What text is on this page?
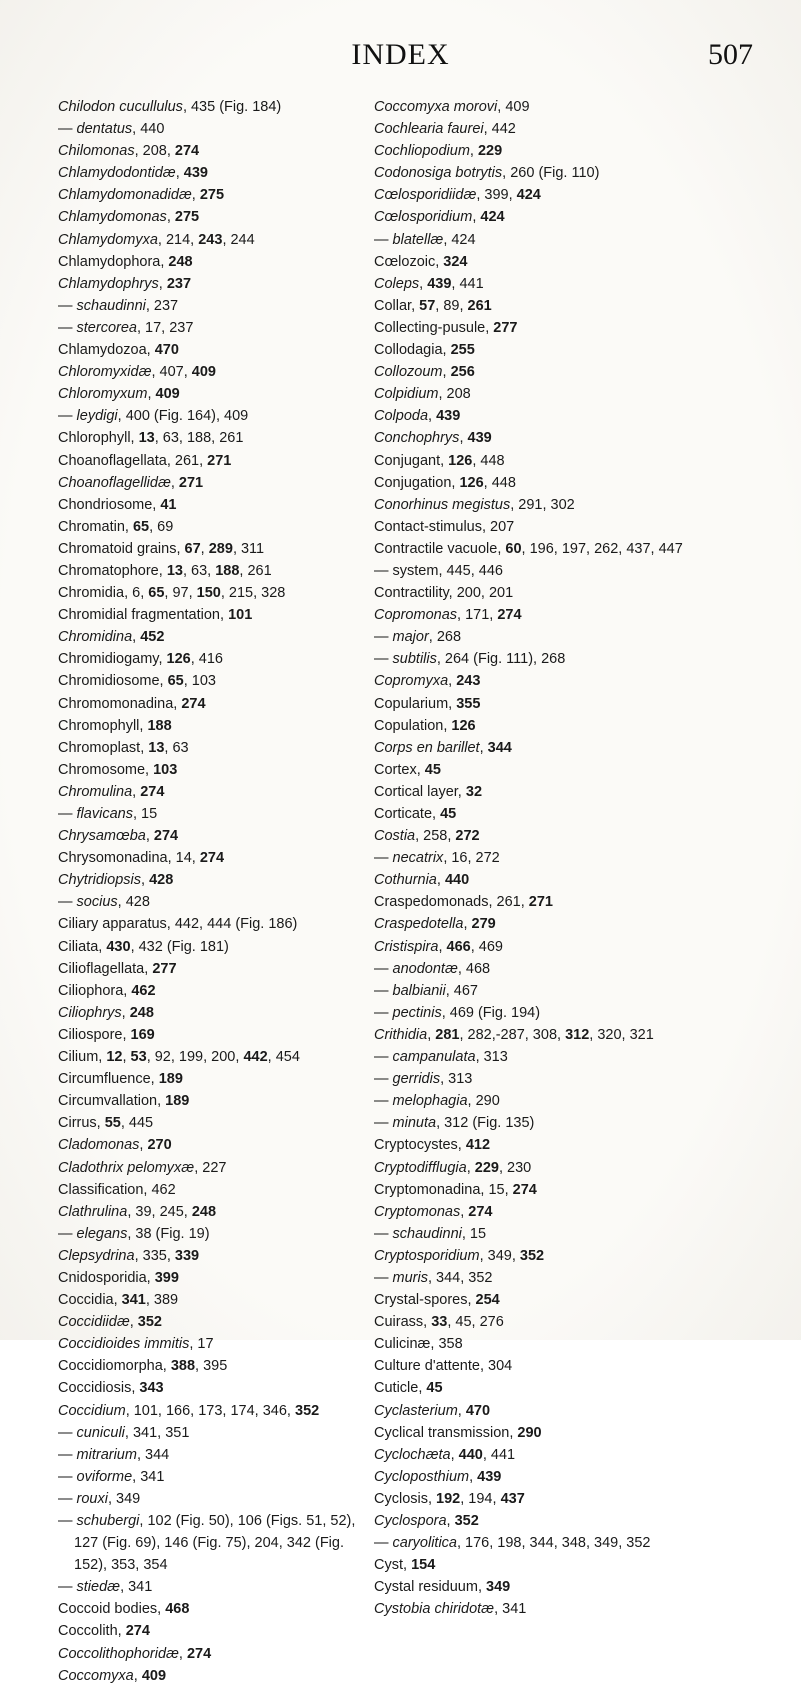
INDEX	507
Chilodon cucullulus, 435 (Fig. 184)
— dentatus, 440
Chilomonas, 208, 274
Chlamydodontidæ, 439
Chlamydomonadidæ, 275
Chlamydomonas, 275
Chlamydomyxa, 214, 243, 244
Chlamydophora, 248
Chlamydophrys, 237
— schaudinni, 237
— stercorea, 17, 237
Chlamydozoa, 470
Chloromyxidæ, 407, 409
Chloromyxum, 409
— leydigi, 400 (Fig. 164), 409
Chlorophyll, 13, 63, 188, 261
Choanoflagellata, 261, 271
Choanoflagellidæ, 271
Chondriosome, 41
Chromatin, 65, 69
Chromatoid grains, 67, 289, 311
Chromatophore, 13, 63, 188, 261
Chromidia, 6, 65, 97, 150, 215, 328
Chromidial fragmentation, 101
Chromidina, 452
Chromidiogamy, 126, 416
Chromidiosome, 65, 103
Chromomonadina, 274
Chromophyll, 188
Chromoplast, 13, 63
Chromosome, 103
Chromulina, 274
— flavicans, 15
Chrysamœba, 274
Chrysomonadina, 14, 274
Chytridiopsis, 428
— socius, 428
Ciliary apparatus, 442, 444 (Fig. 186)
Ciliata, 430, 432 (Fig. 181)
Cilioflagellata, 277
Ciliophora, 462
Ciliophrys, 248
Ciliospore, 169
Cilium, 12, 53, 92, 199, 200, 442, 454
Circumfluence, 189
Circumvallation, 189
Cirrus, 55, 445
Cladomonas, 270
Cladothrix pelomyxæ, 227
Classification, 462
Clathrulina, 39, 245, 248
— elegans, 38 (Fig. 19)
Clepsydrina, 335, 339
Cnidosporidia, 399
Coccidia, 341, 389
Coccidiidæ, 352
Coccidioides immitis, 17
Coccidiomorpha, 388, 395
Coccidiosis, 343
Coccidium, 101, 166, 173, 174, 346, 352
— cuniculi, 341, 351
— mitrarium, 344
— oviforme, 341
— rouxi, 349
— schubergi, 102 (Fig. 50), 106 (Figs. 51, 52), 127 (Fig. 69), 146 (Fig. 75), 204, 342 (Fig. 152), 353, 354
— stiedæ, 341
Coccoid bodies, 468
Coccolith, 274
Coccolithophoridæ, 274
Coccomyxa, 409
Coccomyxa morovi, 409
Cochlearia faurei, 442
Cochliopodium, 229
Codonosiga botrytis, 260 (Fig. 110)
Cœlosporidiidæ, 399, 424
Cœlosporidium, 424
— blatellæ, 424
Cœlozoic, 324
Coleps, 439, 441
Collar, 57, 89, 261
Collecting-pusule, 277
Collodagia, 255
Collozoum, 256
Colpidium, 208
Colpoda, 439
Conchophrys, 439
Conjugant, 126, 448
Conjugation, 126, 448
Conorhinus megistus, 291, 302
Contact-stimulus, 207
Contractile vacuole, 60, 196, 197, 262, 437, 447
— system, 445, 446
Contractility, 200, 201
Copromonas, 171, 274
— major, 268
— subtilis, 264 (Fig. 111), 268
Copromyxa, 243
Copularium, 355
Copulation, 126
Corps en barillet, 344
Cortex, 45
Cortical layer, 32
Corticate, 45
Costia, 258, 272
— necatrix, 16, 272
Cothurnia, 440
Craspedomonads, 261, 271
Craspedotella, 279
Cristispira, 466, 469
— anodontæ, 468
— balbianii, 467
— pectinis, 469 (Fig. 194)
Crithidia, 281, 282,-287, 308, 312, 320, 321
— campanulata, 313
— gerridis, 313
— melophagia, 290
— minuta, 312 (Fig. 135)
Cryptocystes, 412
Cryptodifflugia, 229, 230
Cryptomonadina, 15, 274
Cryptomonas, 274
— schaudinni, 15
Cryptosporidium, 349, 352
— muris, 344, 352
Crystal-spores, 254
Cuirass, 33, 45, 276
Culicinæ, 358
Culture d'attente, 304
Cuticle, 45
Cyclasterium, 470
Cyclical transmission, 290
Cyclochæta, 440, 441
Cycloposthium, 439
Cyclosis, 192, 194, 437
Cyclospora, 352
— caryolitica, 176, 198, 344, 348, 349, 352
Cyst, 154
Cystal residuum, 349
Cystobia chiridotæ, 341
